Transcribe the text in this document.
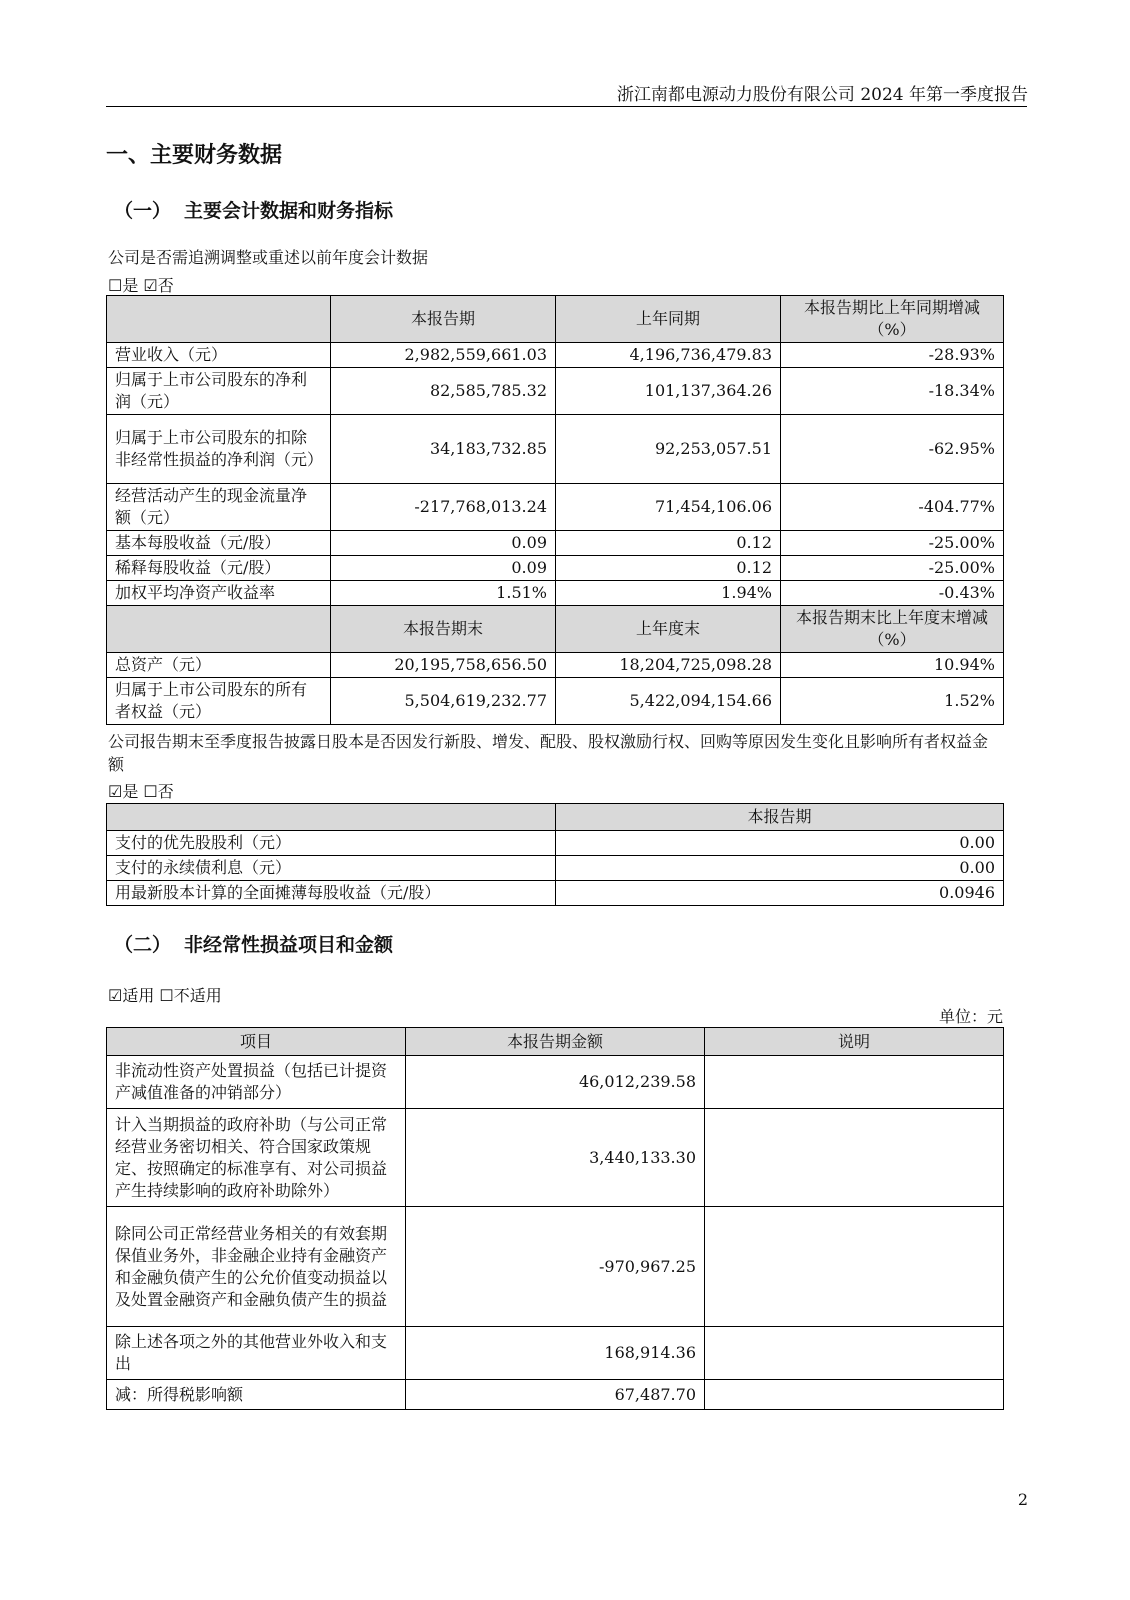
浙江南都电源动力股份有限公司 2024 年第一季度报告
一、主要财务数据
（一） 主要会计数据和财务指标
公司是否需追溯调整或重述以前年度会计数据
☐是 ☑否
	本报告期	上年同期	本报告期比上年同期增减（%）
营业收入（元）	2,982,559,661.03	4,196,736,479.83	-28.93%
归属于上市公司股东的净利润（元）	82,585,785.32	101,137,364.26	-18.34%
归属于上市公司股东的扣除非经常性损益的净利润（元）	34,183,732.85	92,253,057.51	-62.95%
经营活动产生的现金流量净额（元）	-217,768,013.24	71,454,106.06	-404.77%
基本每股收益（元/股）	0.09	0.12	-25.00%
稀释每股收益（元/股）	0.09	0.12	-25.00%
加权平均净资产收益率	1.51%	1.94%	-0.43%
	本报告期末	上年度末	本报告期末比上年度末增减（%）
总资产（元）	20,195,758,656.50	18,204,725,098.28	10.94%
归属于上市公司股东的所有者权益（元）	5,504,619,232.77	5,422,094,154.66	1.52%
公司报告期末至季度报告披露日股本是否因发行新股、增发、配股、股权激励行权、回购等原因发生变化且影响所有者权益金额
☑是 ☐否
	本报告期
支付的优先股股利（元）	0.00
支付的永续债利息（元）	0.00
用最新股本计算的全面摊薄每股收益（元/股）	0.0946
（二） 非经常性损益项目和金额
☑适用 ☐不适用
单位：元
项目	本报告期金额	说明
非流动性资产处置损益（包括已计提资产减值准备的冲销部分）	46,012,239.58	
计入当期损益的政府补助（与公司正常经营业务密切相关、符合国家政策规定、按照确定的标准享有、对公司损益产生持续影响的政府补助除外）	3,440,133.30	
除同公司正常经营业务相关的有效套期保值业务外，非金融企业持有金融资产和金融负债产生的公允价值变动损益以及处置金融资产和金融负债产生的损益	-970,967.25	
除上述各项之外的其他营业外收入和支出	168,914.36	
减：所得税影响额	67,487.70	
2
